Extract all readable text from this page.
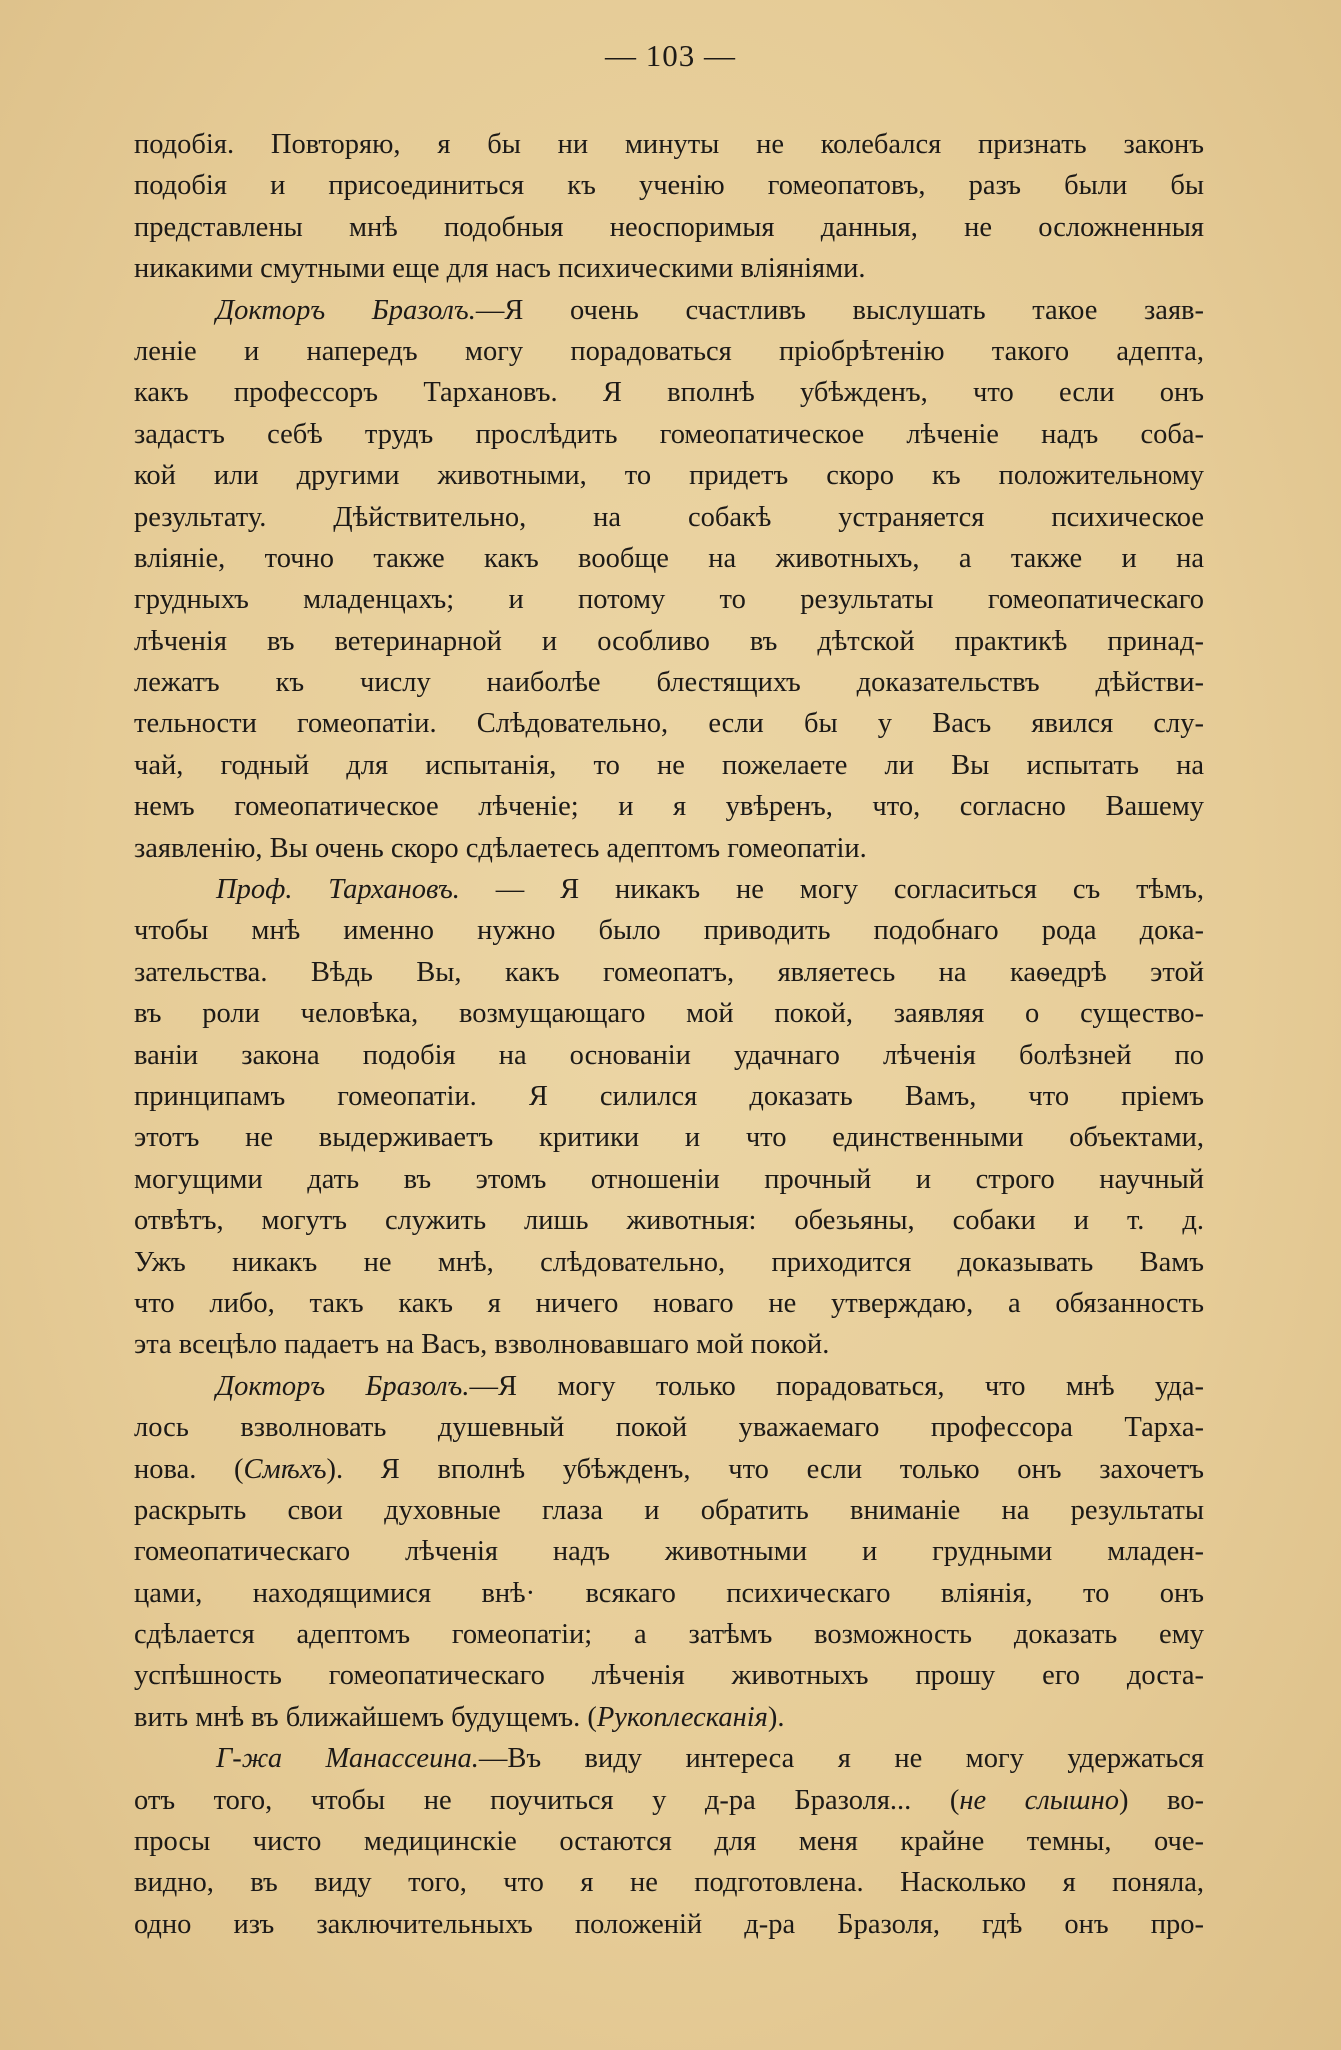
— 103 —
подобія. Повторяю, я бы ни минуты не колебался признать законъ
подобія и присоединиться къ ученію гомеопатовъ, разъ были бы
представлены мнѣ подобныя неоспоримыя данныя, не осложненныя
никакими смутными еще для насъ психическими вліяніями.
Докторъ Бразолъ.—Я очень счастливъ выслушать такое заяв-
леніе и напередъ могу порадоваться пріобрѣтенію такого адепта,
какъ профессоръ Тархановъ. Я вполнѣ убѣжденъ, что если онъ
задастъ себѣ трудъ прослѣдить гомеопатическое лѣченіе надъ соба-
кой или другими животными, то придетъ скоро къ положительному
результату. Дѣйствительно, на собакѣ устраняется психическое
вліяніе, точно также какъ вообще на животныхъ, а также и на
грудныхъ младенцахъ; и потому то результаты гомеопатическаго
лѣченія въ ветеринарной и особливо въ дѣтской практикѣ принад-
лежатъ къ числу наиболѣе блестящихъ доказательствъ дѣйстви-
тельности гомеопатіи. Слѣдовательно, если бы у Васъ явился слу-
чай, годный для испытанія, то не пожелаете ли Вы испытать на
немъ гомеопатическое лѣченіе; и я увѣренъ, что, согласно Вашему
заявленію, Вы очень скоро сдѣлаетесь адептомъ гомеопатіи.
Проф. Тархановъ. — Я никакъ не могу согласиться съ тѣмъ,
чтобы мнѣ именно нужно было приводить подобнаго рода дока-
зательства. Вѣдь Вы, какъ гомеопатъ, являетесь на каѳедрѣ этой
въ роли человѣка, возмущающаго мой покой, заявляя о существо-
ваніи закона подобія на основаніи удачнаго лѣченія болѣзней по
принципамъ гомеопатіи. Я силился доказать Вамъ, что пріемъ
этотъ не выдерживаетъ критики и что единственными объектами,
могущими дать въ этомъ отношеніи прочный и строго научный
отвѣтъ, могутъ служить лишь животныя: обезьяны, собаки и т. д.
Ужъ никакъ не мнѣ, слѣдовательно, приходится доказывать Вамъ
что либо, такъ какъ я ничего новаго не утверждаю, а обязанность
эта всецѣло падаетъ на Васъ, взволновавшаго мой покой.
Докторъ Бразолъ.—Я могу только порадоваться, что мнѣ уда-
лось взволновать душевный покой уважаемаго профессора Тарха-
нова. (Смѣхъ). Я вполнѣ убѣжденъ, что если только онъ захочетъ
раскрыть свои духовные глаза и обратить вниманіе на результаты
гомеопатическаго лѣченія надъ животными и грудными младен-
цами, находящимися внѣ· всякаго психическаго вліянія, то онъ
сдѣлается адептомъ гомеопатіи; а затѣмъ возможность доказать ему
успѣшность гомеопатическаго лѣченія животныхъ прошу его доста-
вить мнѣ въ ближайшемъ будущемъ. (Рукоплесканія).
Г-жа Манассеина.—Въ виду интереса я не могу удержаться
отъ того, чтобы не поучиться у д-ра Бразоля... (не слышно) во-
просы чисто медицинскіе остаются для меня крайне темны, оче-
видно, въ виду того, что я не подготовлена. Насколько я поняла,
одно изъ заключительныхъ положеній д-ра Бразоля, гдѣ онъ про-
